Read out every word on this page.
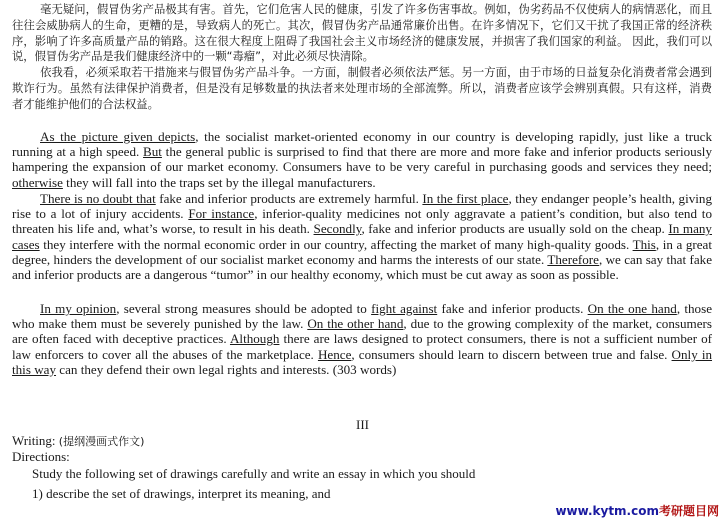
毫无疑问，假冒伪劣产品极其有害。首先，它们危害人民的健康，引发了许多伤害事故。例如，伪劣药品不仅使病人的病情恶化，而且往往会威胁病人的生命，更糟的是，导致病人的死亡。其次，假冒伪劣产品通常廉价出售。在许多情况下，它们又干扰了我国正常的经济秩序，影响了许多高质量产品的销路。这在很大程度上阻碍了我国社会主义市场经济的健康发展，并损害了我们国家的利益。 因此，我们可以说，假冒伪劣产品是我们健康经济中的一颗“毒瘤”，对此必须尽快清除。
依我看，必须采取若干措施来与假冒伪劣产品斗争。一方面，制假者必须依法严惩。另一方面，由于市场的日益复杂化消费者常会遇到欺诈行为。虽然有法律保护消费者，但是没有足够数量的执法者来处理市场的全部流弊。所以，消费者应该学会辨别真假。只有这样，消费者才能维护他们的合法权益。

As the picture given depicts, the socialist market-oriented economy in our country is developing rapidly, just like a truck running at a high speed. But the general public is surprised to find that there are more and more fake and inferior products seriously hampering the expansion of our market economy. Consumers have to be very careful in purchasing goods and services they need; otherwise they will fall into the traps set by the illegal manufacturers.

There is no doubt that fake and inferior products are extremely harmful. In the first place, they endanger people’s health, giving rise to a lot of injury accidents. For instance, inferior-quality medicines not only aggravate a patient’s condition, but also tend to threaten his life and, what’s worse, to result in his death. Secondly, fake and inferior products are usually sold on the cheap. In many cases they interfere with the normal economic order in our country, affecting the market of many high-quality goods. This, in a great degree, hinders the development of our socialist market economy and harms the interests of our state. Therefore, we can say that fake and inferior products are a dangerous “tumor” in our healthy economy, which must be cut away as soon as possible.

In my opinion, several strong measures should be adopted to fight against fake and inferior products. On the one hand, those who make them must be severely punished by the law. On the other hand, due to the growing complexity of the market, consumers are often faced with deceptive practices. Although there are laws designed to protect consumers, there is not a sufficient number of law enforcers to cover all the abuses of the marketplace. Hence, consumers should learn to discern between true and false. Only in this way can they defend their own legal rights and interests. (303 words)

III
Writing: (提纲漫画式作文)
Directions:
Study the following set of drawings carefully and write an essay in which you should
1) describe the set of drawings, interpret its meaning, and
www.kytm.com考研题目网
